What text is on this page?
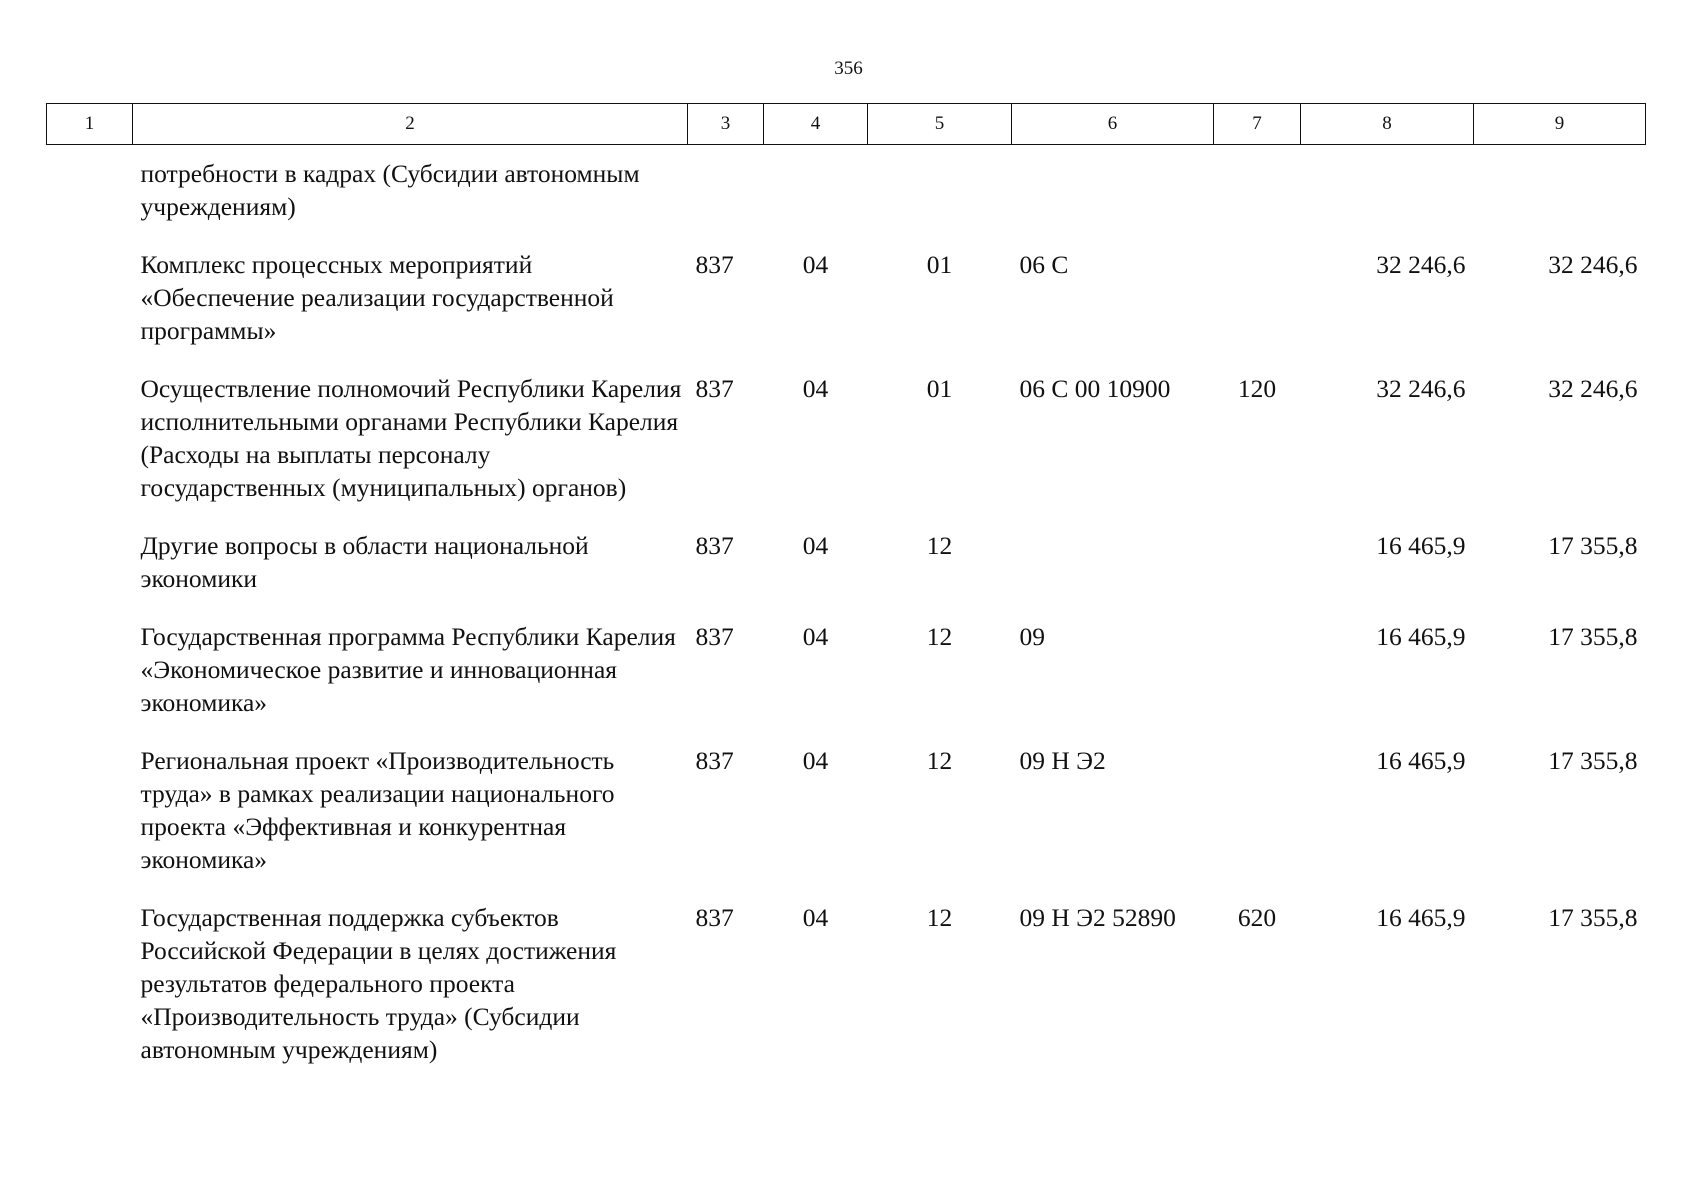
356
1	2	3	4	5	6	7	8	9
	потребности в кадрах (Субсидии автономным учреждениям)							
	Комплекс процессных мероприятий «Обеспечение реализации государственной программы»	837	04	01	06 С		32 246,6	32 246,6
	Осуществление полномочий Республики Карелия исполнительными органами Республики Карелия (Расходы на выплаты персоналу государственных (муниципальных) органов)	837	04	01	06 С 00 10900	120	32 246,6	32 246,6
	Другие вопросы в области национальной экономики	837	04	12			16 465,9	17 355,8
	Государственная программа Республики Карелия «Экономическое развитие и инновационная экономика»	837	04	12	09		16 465,9	17 355,8
	Региональная проект «Производительность труда» в рамках реализации национального проекта «Эффективная и конкурентная экономика»	837	04	12	09 Н Э2		16 465,9	17 355,8
	Государственная поддержка субъектов Российской Федерации в целях достижения результатов федерального проекта «Производительность труда» (Субсидии автономным учреждениям)	837	04	12	09 Н Э2 52890	620	16 465,9	17 355,8
